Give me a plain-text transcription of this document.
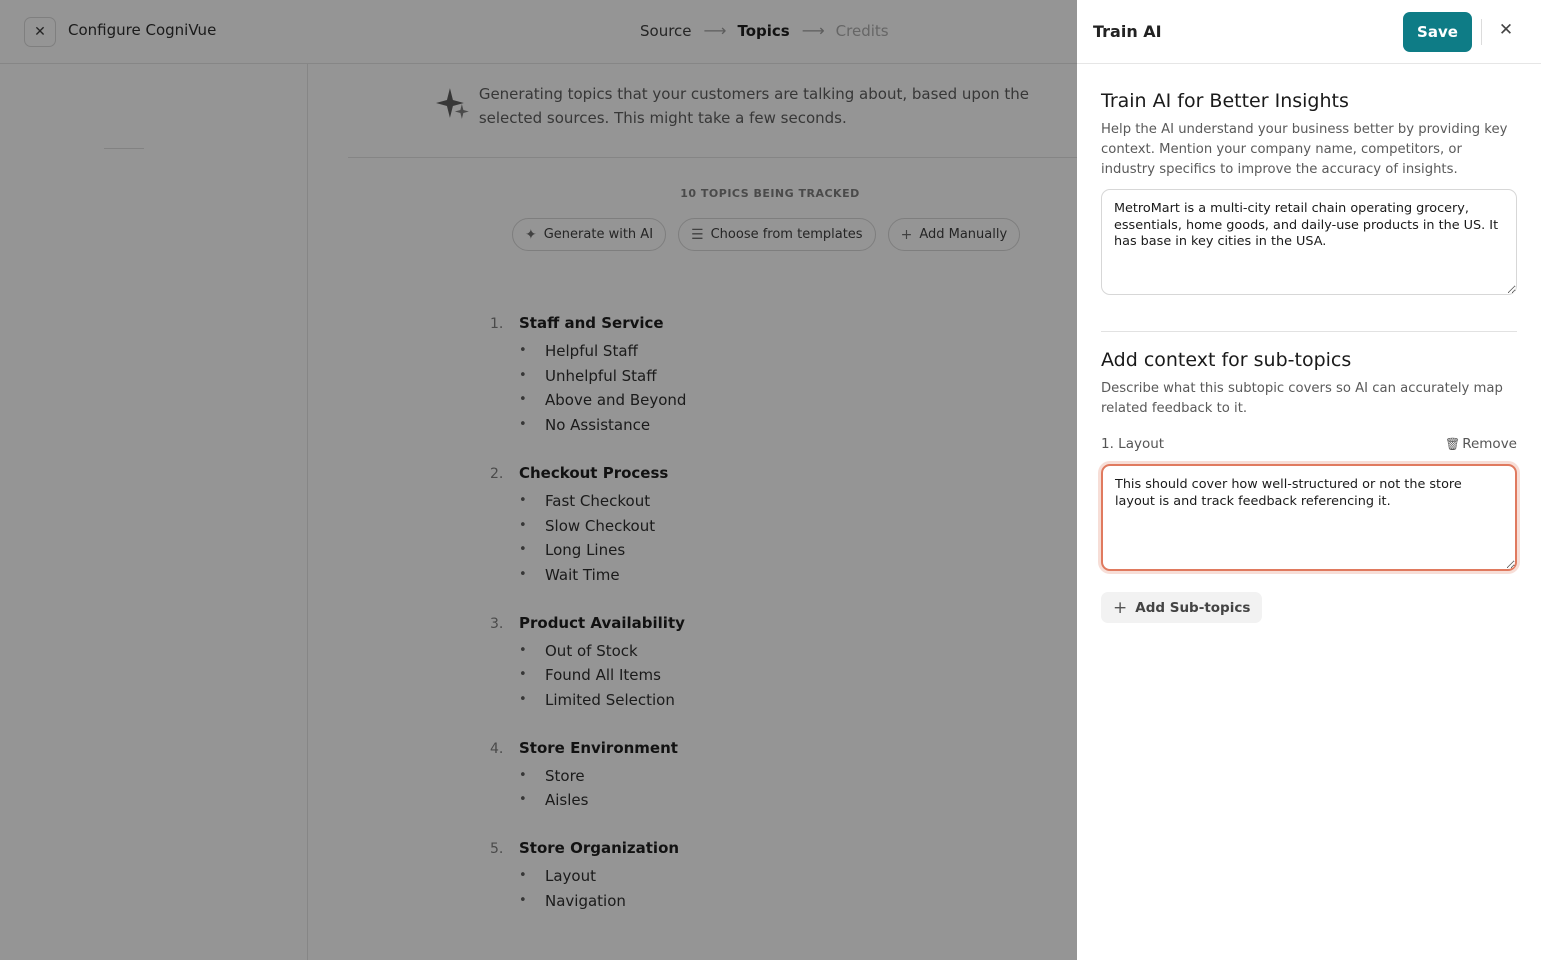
✕	Configure CogniVue	Source ⟶ Topics ⟶ Credits
Generating topics that your customers are talking about, based upon the selected sources. This might take a few seconds.
10 TOPICS BEING TRACKED
✦ Generate with AI	☰ Choose from templates	+ Add Manually
1.	Staff and Service
• Helpful Staff
• Unhelpful Staff
• Above and Beyond
• No Assistance
2.	Checkout Process
• Fast Checkout
• Slow Checkout
• Long Lines
• Wait Time
3.	Product Availability
• Out of Stock
• Found All Items
• Limited Selection
4.	Store Environment
• Store
• Aisles
5.	Store Organization
• Layout
• Navigation
Train AI	Save	✕
Train AI for Better Insights
Help the AI understand your business better by providing key context. Mention your company name, competitors, or industry specifics to improve the accuracy of insights.
MetroMart is a multi-city retail chain operating grocery, essentials, home goods, and daily-use products in the US. It has base in key cities in the USA.
Add context for sub-topics
Describe what this subtopic covers so AI can accurately map related feedback to it.
1. Layout	🗑 Remove
This should cover how well-structured or not the store layout is and track feedback referencing it.
+ Add Sub-topics
